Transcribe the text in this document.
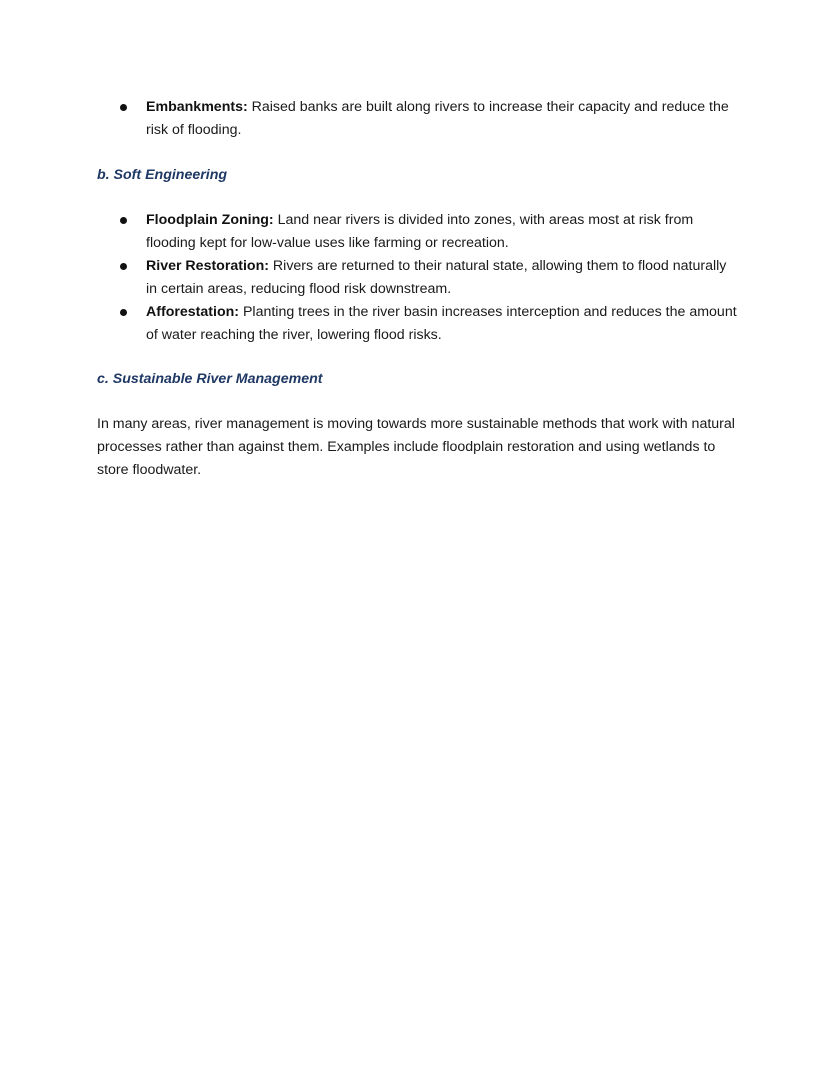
Embankments: Raised banks are built along rivers to increase their capacity and reduce the risk of flooding.

b. Soft Engineering

Floodplain Zoning: Land near rivers is divided into zones, with areas most at risk from flooding kept for low-value uses like farming or recreation.
River Restoration: Rivers are returned to their natural state, allowing them to flood naturally in certain areas, reducing flood risk downstream.
Afforestation: Planting trees in the river basin increases interception and reduces the amount of water reaching the river, lowering flood risks.

c. Sustainable River Management

In many areas, river management is moving towards more sustainable methods that work with natural processes rather than against them. Examples include floodplain restoration and using wetlands to store floodwater.
